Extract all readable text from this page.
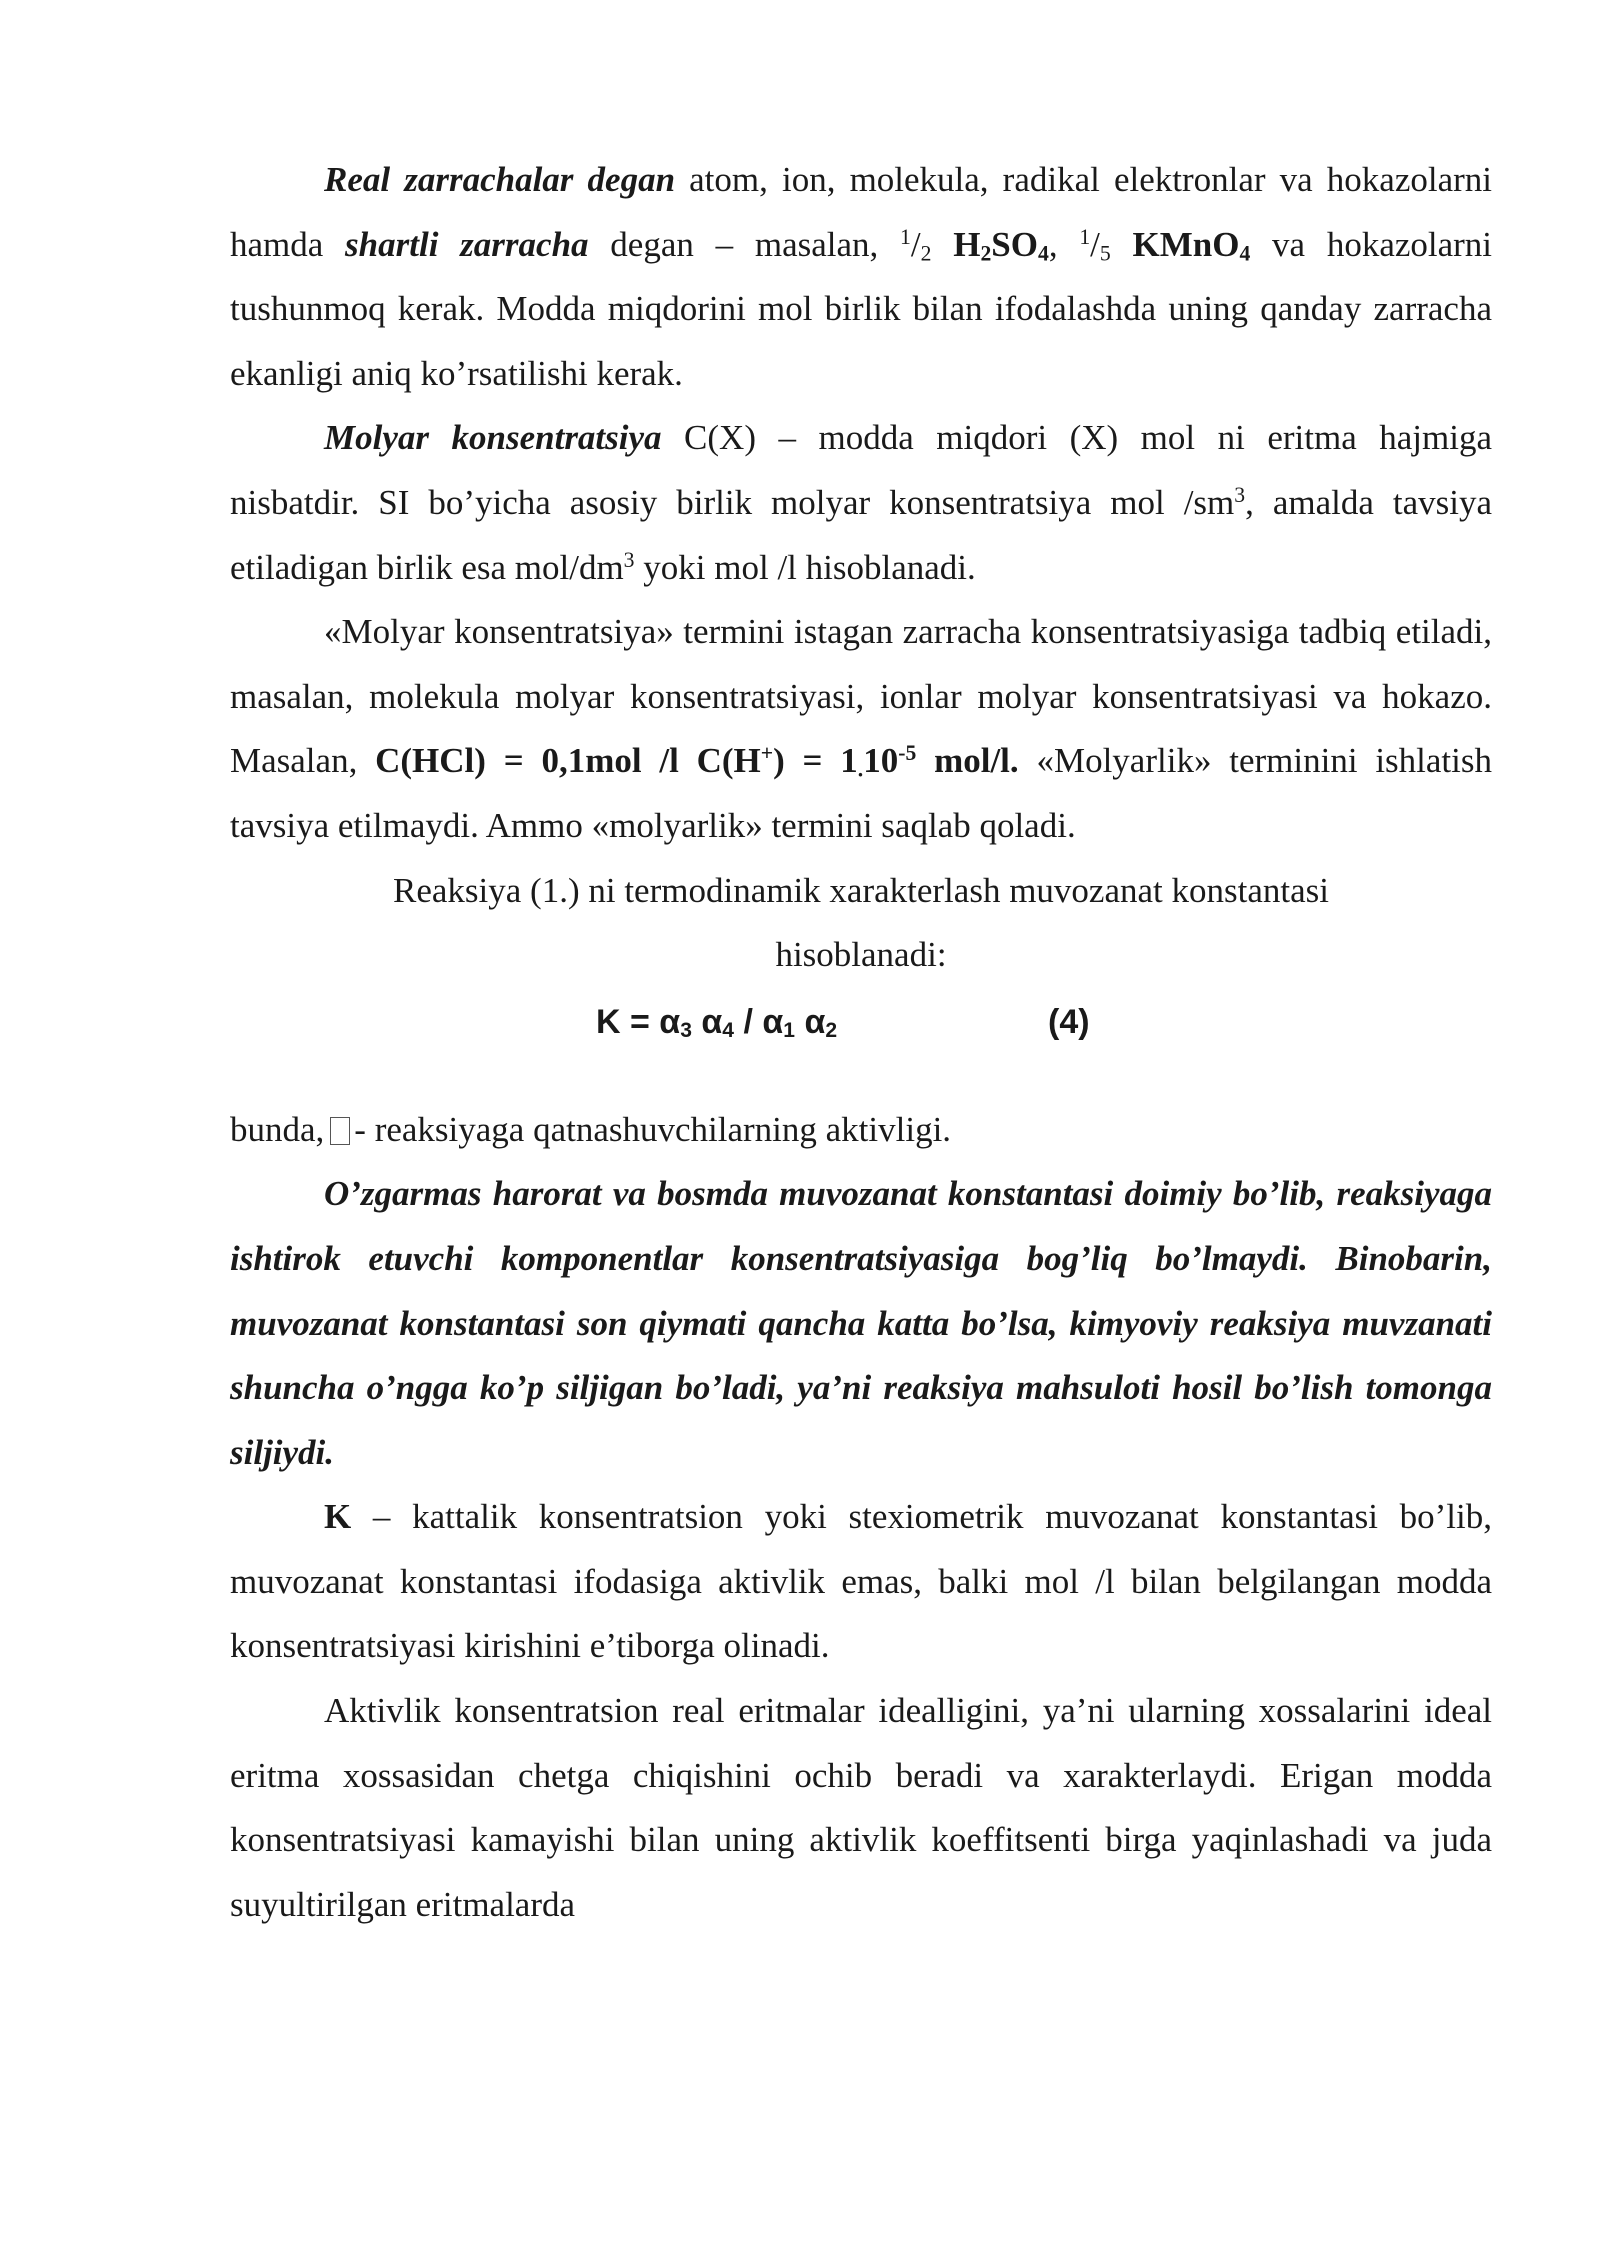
Real zarrachalar degan atom, ion, molekula, radikal elektronlar va hokazolarni hamda shartli zarracha degan – masalan, $^1/_2$ $H_2SO_4$, $^1/_5$ KMnO$_4$ va hokazolarni tushunmoq kerak. Modda miqdorini mol birlik bilan ifodalashda uning qanday zarracha ekanligi aniq ko’rsatilishi kerak.

Molyar konsentratsiya C(X) – modda miqdori (X) mol ni eritma hajmiga nisbatdir. SI bo’yicha asosiy birlik molyar konsentratsiya mol $/sm^3$, amalda tavsiya etiladigan birlik esa mol/$dm^3$ yoki mol /l hisoblanadi.

«Molyar konsentratsiya» termini istagan zarracha konsentratsiyasiga tadbiq etiladi, masalan, molekula molyar konsentratsiyasi, ionlar molyar konsentratsiyasi va hokazo. Masalan, C(HCl) = 0,1mol /l $C(H^+) = 1_.10^{-5}$ mol/l. «Molyarlik» terminini ishlatish tavsiya etilmaydi. Ammo «molyarlik» termini saqlab qoladi.

Reaksiya (1.) ni termodinamik xarakterlash muvozanat konstantasi
hisoblanadi:

$K = \alpha_3$ $\alpha_4 / \alpha_1$ $\alpha_2$	(4)

bunda, - reaksiyaga qatnashuvchilarning aktivligi.

O’zgarmas harorat va bosmda muvozanat konstantasi doimiy bo’lib, reaksiyaga ishtirok etuvchi komponentlar konsentratsiyasiga bog’liq bo’lmaydi. Binobarin, muvozanat konstantasi son qiymati qancha katta bo’lsa, kimyoviy reaksiya muvzanati shuncha o’ngga ko’p siljigan bo’ladi, ya’ni reaksiya mahsuloti hosil bo’lish tomonga siljiydi.

K – kattalik konsentratsion yoki stexiometrik muvozanat konstantasi bo’lib, muvozanat konstantasi ifodasiga aktivlik emas, balki mol /l bilan belgilangan modda konsentratsiyasi kirishini e’tiborga olinadi.

Aktivlik konsentratsion real eritmalar idealligini, ya’ni ularning xossalarini ideal eritma xossasidan chetga chiqishini ochib beradi va xarakterlaydi. Erigan modda konsentratsiyasi kamayishi bilan uning aktivlik koeffitsenti birga yaqinlashadi va juda suyultirilgan eritmalarda
